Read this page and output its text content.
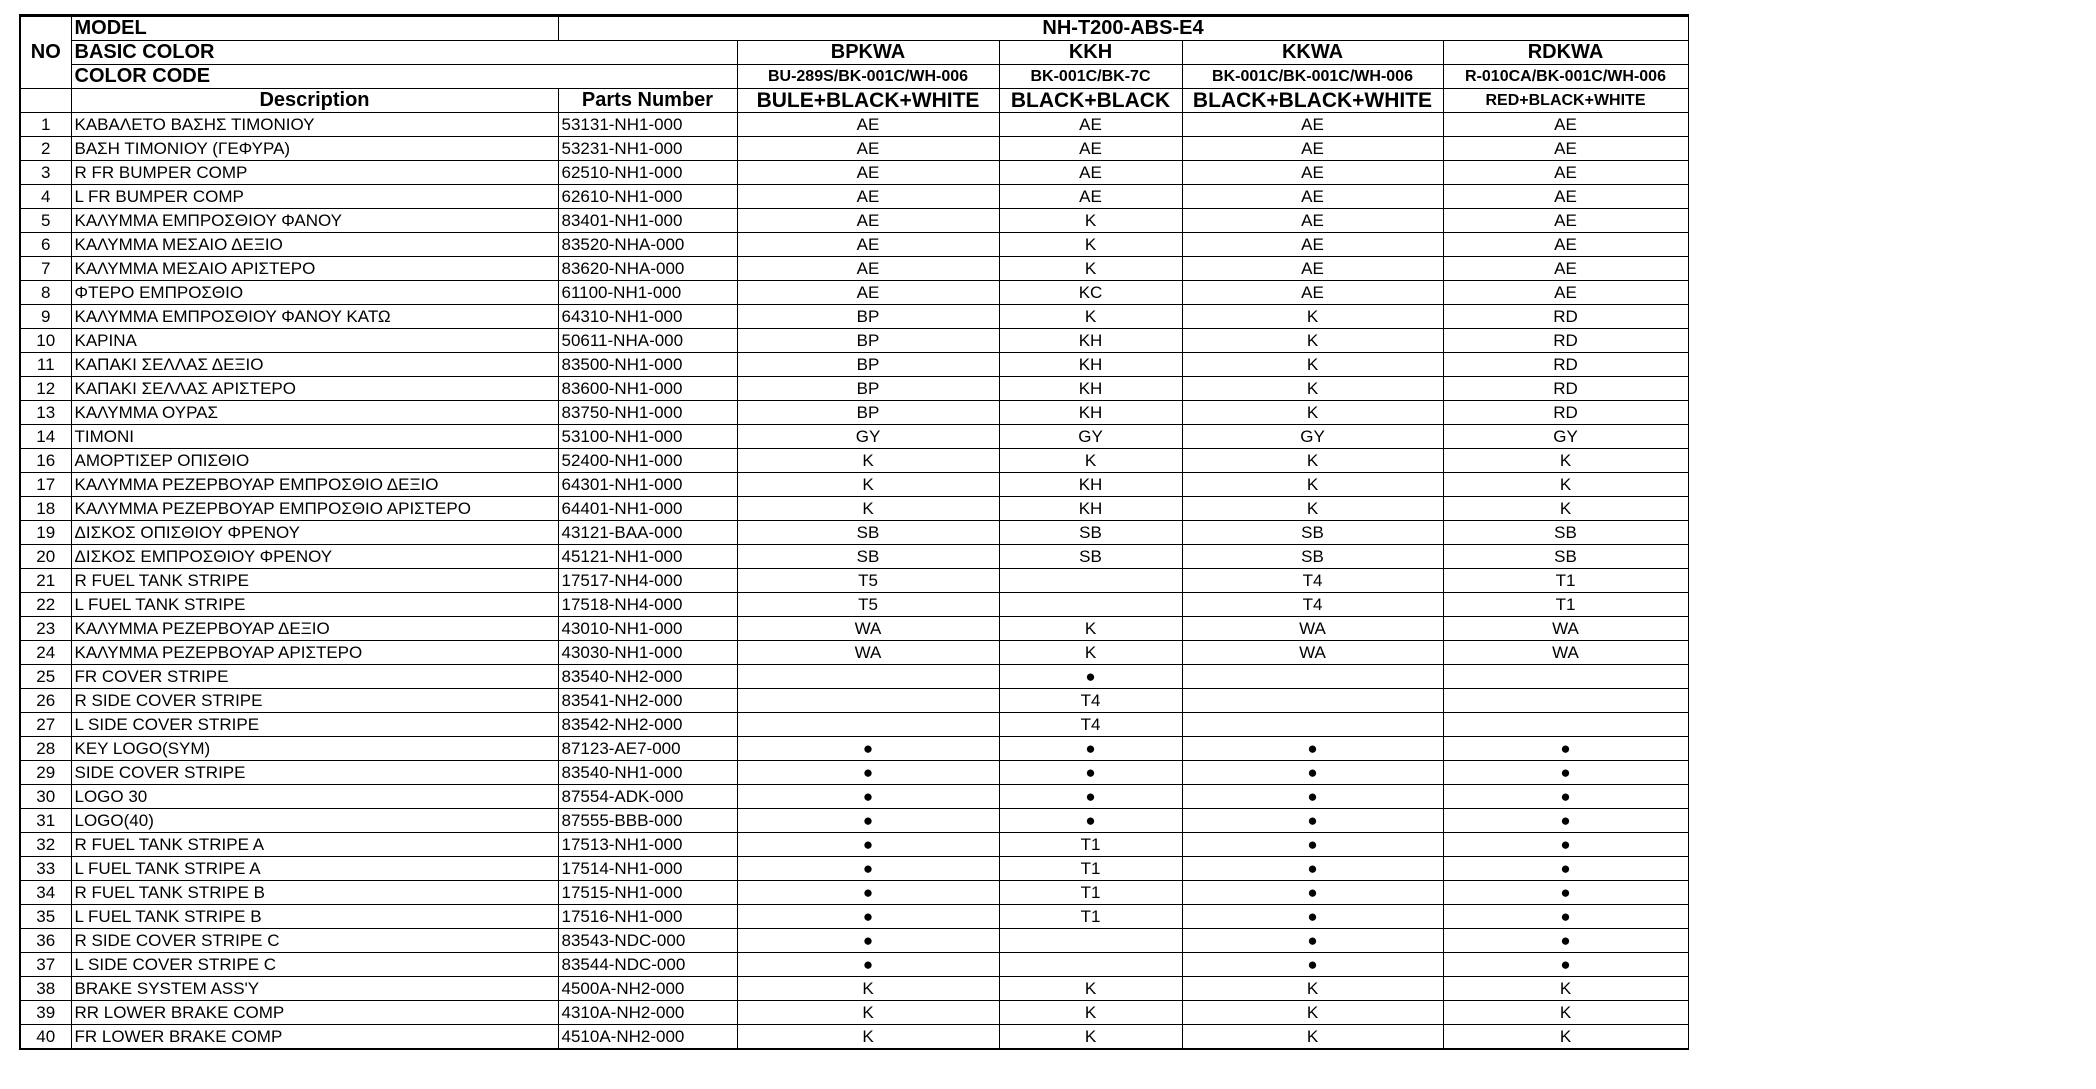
NO	MODEL	NH-T200-ABS-E4				
	BASIC COLOR		BPKWA	KKH	KKWA	RDKWA
	COLOR CODE		BU-289S/BK-001C/WH-006	BK-001C/BK-7C	BK-001C/BK-001C/WH-006	R-010CA/BK-001C/WH-006
	Description	Parts Number	BULE+BLACK+WHITE	BLACK+BLACK	BLACK+BLACK+WHITE	RED+BLACK+WHITE
1	ΚΑΒΑΛΕΤΟ ΒΑΣΗΣ ΤΙΜΟΝΙΟΥ	53131-NH1-000	AE	AE	AE	AE
2	ΒΑΣΗ ΤΙΜΟΝΙΟΥ (ΓΕΦΥΡΑ)	53231-NH1-000	AE	AE	AE	AE
3	R FR BUMPER COMP	62510-NH1-000	AE	AE	AE	AE
4	L FR BUMPER COMP	62610-NH1-000	AE	AE	AE	AE
5	ΚΑΛΥΜΜΑ ΕΜΠΡΟΣΘΙΟΥ ΦΑΝΟΥ	83401-NH1-000	AE	K	AE	AE
6	ΚΑΛΥΜΜΑ ΜΕΣΑΙΟ ΔΕΞΙΟ	83520-NHA-000	AE	K	AE	AE
7	ΚΑΛΥΜΜΑ ΜΕΣΑΙΟ ΑΡΙΣΤΕΡΟ	83620-NHA-000	AE	K	AE	AE
8	ΦΤΕΡΟ ΕΜΠΡΟΣΘΙΟ	61100-NH1-000	AE	KC	AE	AE
9	ΚΑΛΥΜΜΑ ΕΜΠΡΟΣΘΙΟΥ ΦΑΝΟΥ ΚΑΤΩ	64310-NH1-000	BP	K	K	RD
10	ΚΑΡΙΝΑ	50611-NHA-000	BP	KH	K	RD
11	ΚΑΠΑΚΙ ΣΕΛΛΑΣ ΔΕΞΙΟ	83500-NH1-000	BP	KH	K	RD
12	ΚΑΠΑΚΙ ΣΕΛΛΑΣ ΑΡΙΣΤΕΡΟ	83600-NH1-000	BP	KH	K	RD
13	ΚΑΛΥΜΜΑ ΟΥΡΑΣ	83750-NH1-000	BP	KH	K	RD
14	ΤΙΜΟΝΙ	53100-NH1-000	GY	GY	GY	GY
16	ΑΜΟΡΤΙΣΕΡ ΟΠΙΣΘΙΟ	52400-NH1-000	K	K	K	K
17	ΚΑΛΥΜΜΑ ΡΕΖΕΡΒΟΥΑΡ ΕΜΠΡΟΣΘΙΟ ΔΕΞΙΟ	64301-NH1-000	K	KH	K	K
18	ΚΑΛΥΜΜΑ ΡΕΖΕΡΒΟΥΑΡ ΕΜΠΡΟΣΘΙΟ ΑΡΙΣΤΕΡΟ	64401-NH1-000	K	KH	K	K
19	ΔΙΣΚΟΣ ΟΠΙΣΘΙΟΥ ΦΡΕΝΟΥ	43121-BAA-000	SB	SB	SB	SB
20	ΔΙΣΚΟΣ ΕΜΠΡΟΣΘΙΟΥ ΦΡΕΝΟΥ	45121-NH1-000	SB	SB	SB	SB
21	R FUEL TANK STRIPE	17517-NH4-000	T5		T4	T1
22	L FUEL TANK STRIPE	17518-NH4-000	T5		T4	T1
23	ΚΑΛΥΜΜΑ ΡΕΖΕΡΒΟΥΑΡ ΔΕΞΙΟ	43010-NH1-000	WA	K	WA	WA
24	ΚΑΛΥΜΜΑ ΡΕΖΕΡΒΟΥΑΡ ΑΡΙΣΤΕΡΟ	43030-NH1-000	WA	K	WA	WA
25	FR COVER STRIPE	83540-NH2-000		●		
26	R SIDE COVER STRIPE	83541-NH2-000		T4		
27	L SIDE COVER STRIPE	83542-NH2-000		T4		
28	KEY LOGO(SYM)	87123-AE7-000	●	●	●	●
29	SIDE COVER STRIPE	83540-NH1-000	●	●	●	●
30	LOGO 30	87554-ADK-000	●	●	●	●
31	LOGO(40)	87555-BBB-000	●	●	●	●
32	R FUEL TANK STRIPE A	17513-NH1-000	●	T1	●	●
33	L FUEL TANK STRIPE A	17514-NH1-000	●	T1	●	●
34	R FUEL TANK STRIPE B	17515-NH1-000	●	T1	●	●
35	L FUEL TANK STRIPE B	17516-NH1-000	●	T1	●	●
36	R SIDE COVER STRIPE C	83543-NDC-000	●		●	●
37	L SIDE COVER STRIPE C	83544-NDC-000	●		●	●
38	BRAKE SYSTEM ASS'Y	4500A-NH2-000	K	K	K	K
39	RR LOWER BRAKE COMP	4310A-NH2-000	K	K	K	K
40	FR LOWER BRAKE COMP	4510A-NH2-000	K	K	K	K
